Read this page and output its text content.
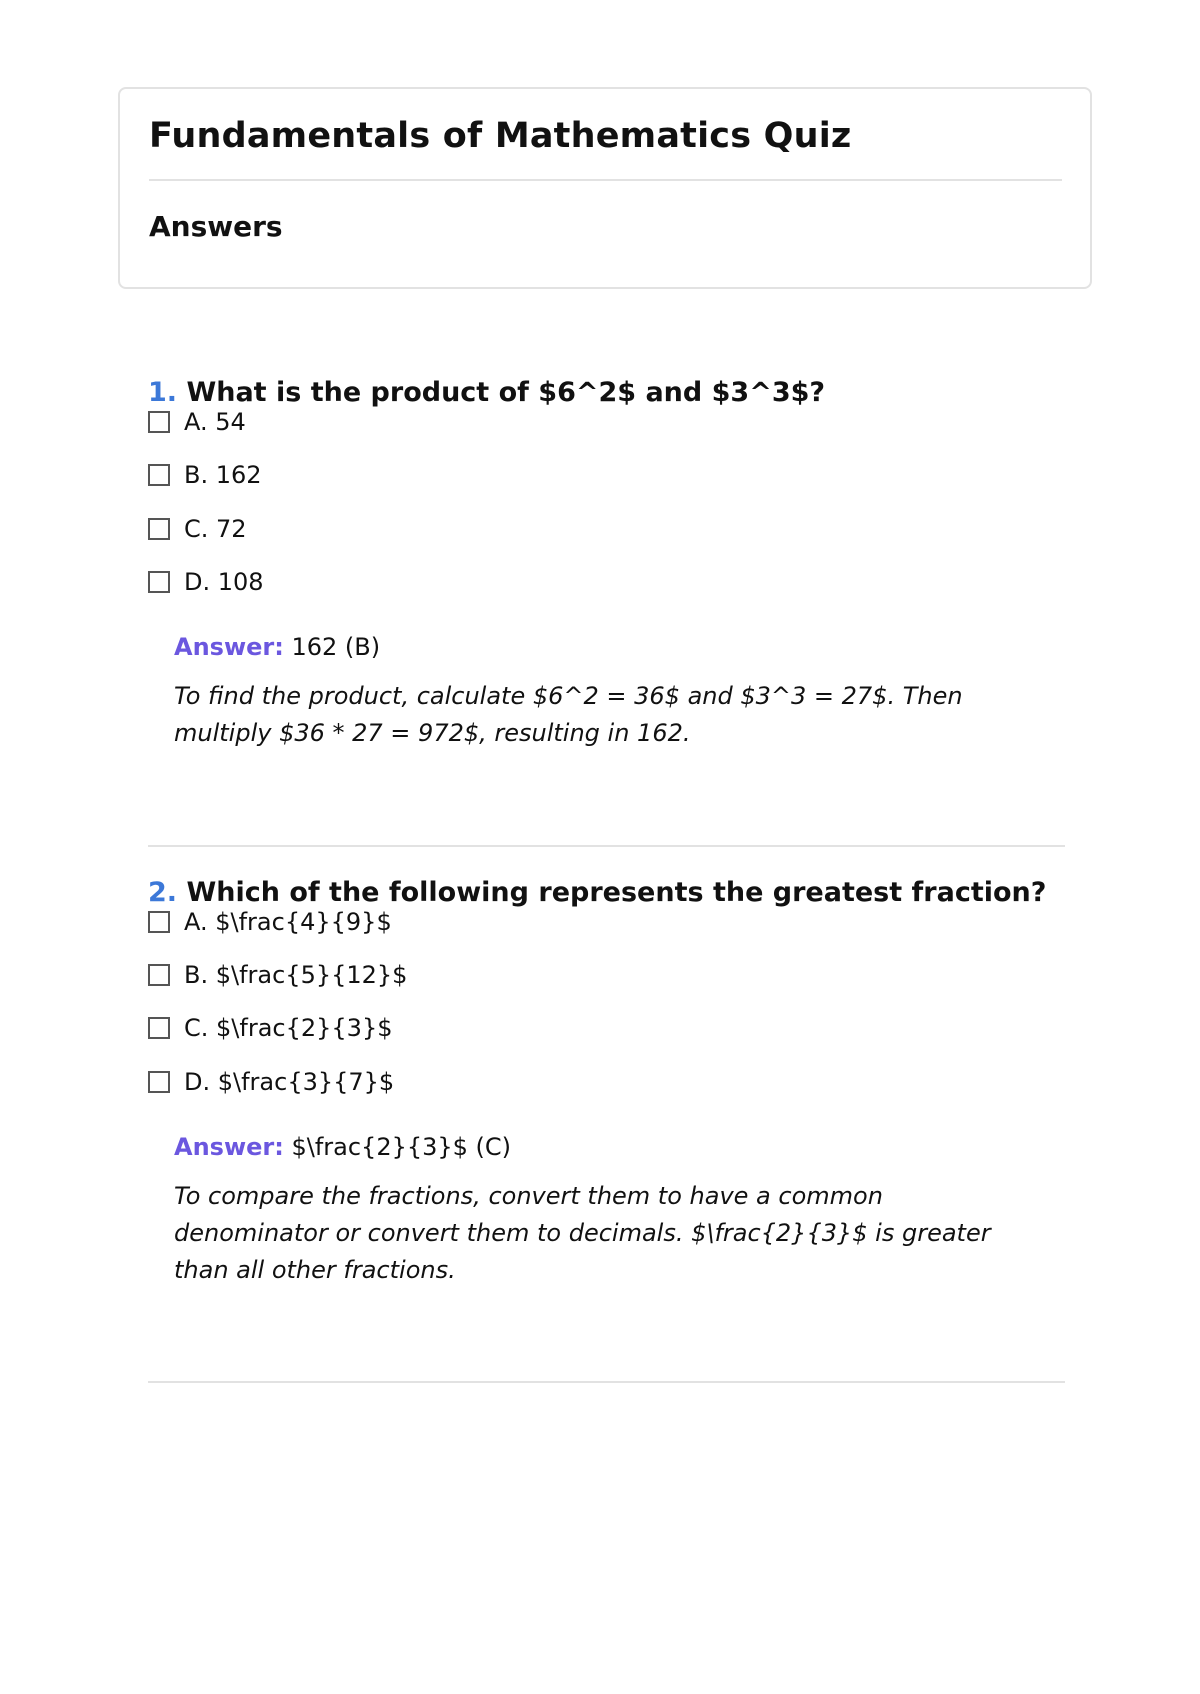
Fundamentals of Mathematics Quiz
Answers
1. What is the product of $6^2$ and $3^3$?
A. 54
B. 162
C. 72
D. 108

Answer: 162 (B)

To find the product, calculate $6^2 = 36$ and $3^3 = 27$. Then multiply $36 * 27 = 972$, resulting in 162.

2. Which of the following represents the greatest fraction?
A. $\frac{4}{9}$
B. $\frac{5}{12}$
C. $\frac{2}{3}$
D. $\frac{3}{7}$

Answer: $\frac{2}{3}$ (C)

To compare the fractions, convert them to have a common denominator or convert them to decimals. $\frac{2}{3}$ is greater than all other fractions.
